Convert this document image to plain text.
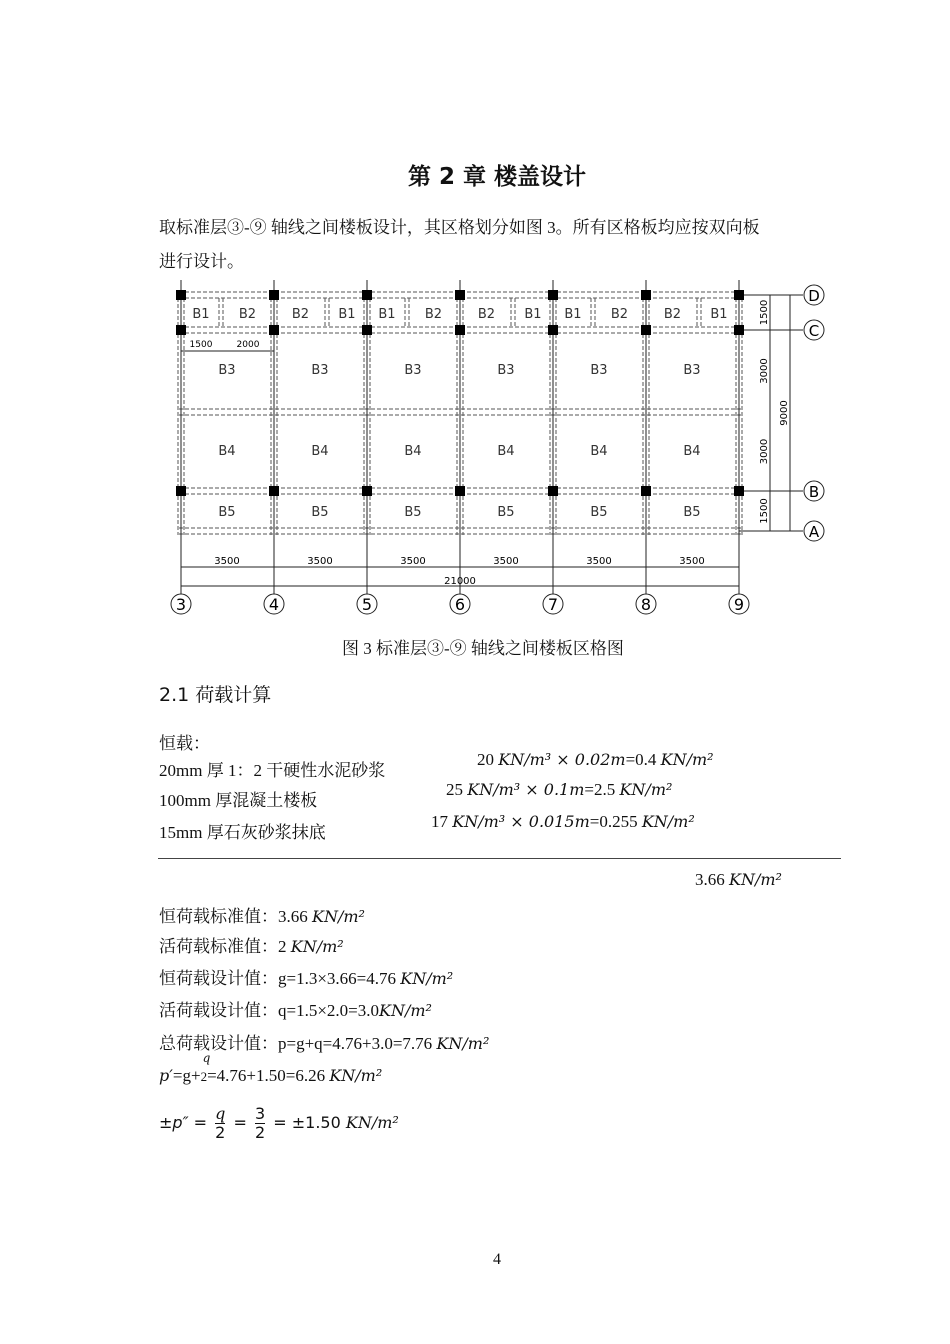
第 2 章 楼盖设计
取标准层③-⑨ 轴线之间楼板设计，其区格划分如图 3。所有区格板均应按双向板
进行设计。
B1 B2	B2 B1 B1 B2	B2 B1 B1 B2	B2 B1
B3
B4
B5
B3
B4
B5
B3
B4
B5
B3
B4
B5
B3
B4
B5
B3
B4
B5
1500	2000
3500	3500	3500	3500	3500	3500
21000
3	4	5	6	7	8	9
D
C
B
A
1500
3000
3000
1500
9000
图 3 标准层③-⑨ 轴线之间楼板区格图
2.1 荷载计算
恒载：
20mm 厚 1：2 干硬性水泥砂浆
20 KN/m³ × 0.02m=0.4 KN/m²
100mm 厚混凝土楼板
25 KN/m³ × 0.1m=2.5 KN/m²
15mm 厚石灰砂浆抹底
17 KN/m³ × 0.015m=0.255 KN/m²
3.66 KN/m²
恒荷载标准值：3.66 KN/m²
活荷载标准值：2 KN/m²
恒荷载设计值：g=1.3×3.66=4.76 KN/m²
活荷载设计值：q=1.5×2.0=3.0KN/m²
总荷载设计值：p=g+q=4.76+3.0=7.76 KN/m²
p′=g+
q
2=4.76+1.50=6.26 KN/m²
$\pm p'' = \frac{q}{2} = \frac{3}{2} = \pm 1.50$ KN/m²
4
